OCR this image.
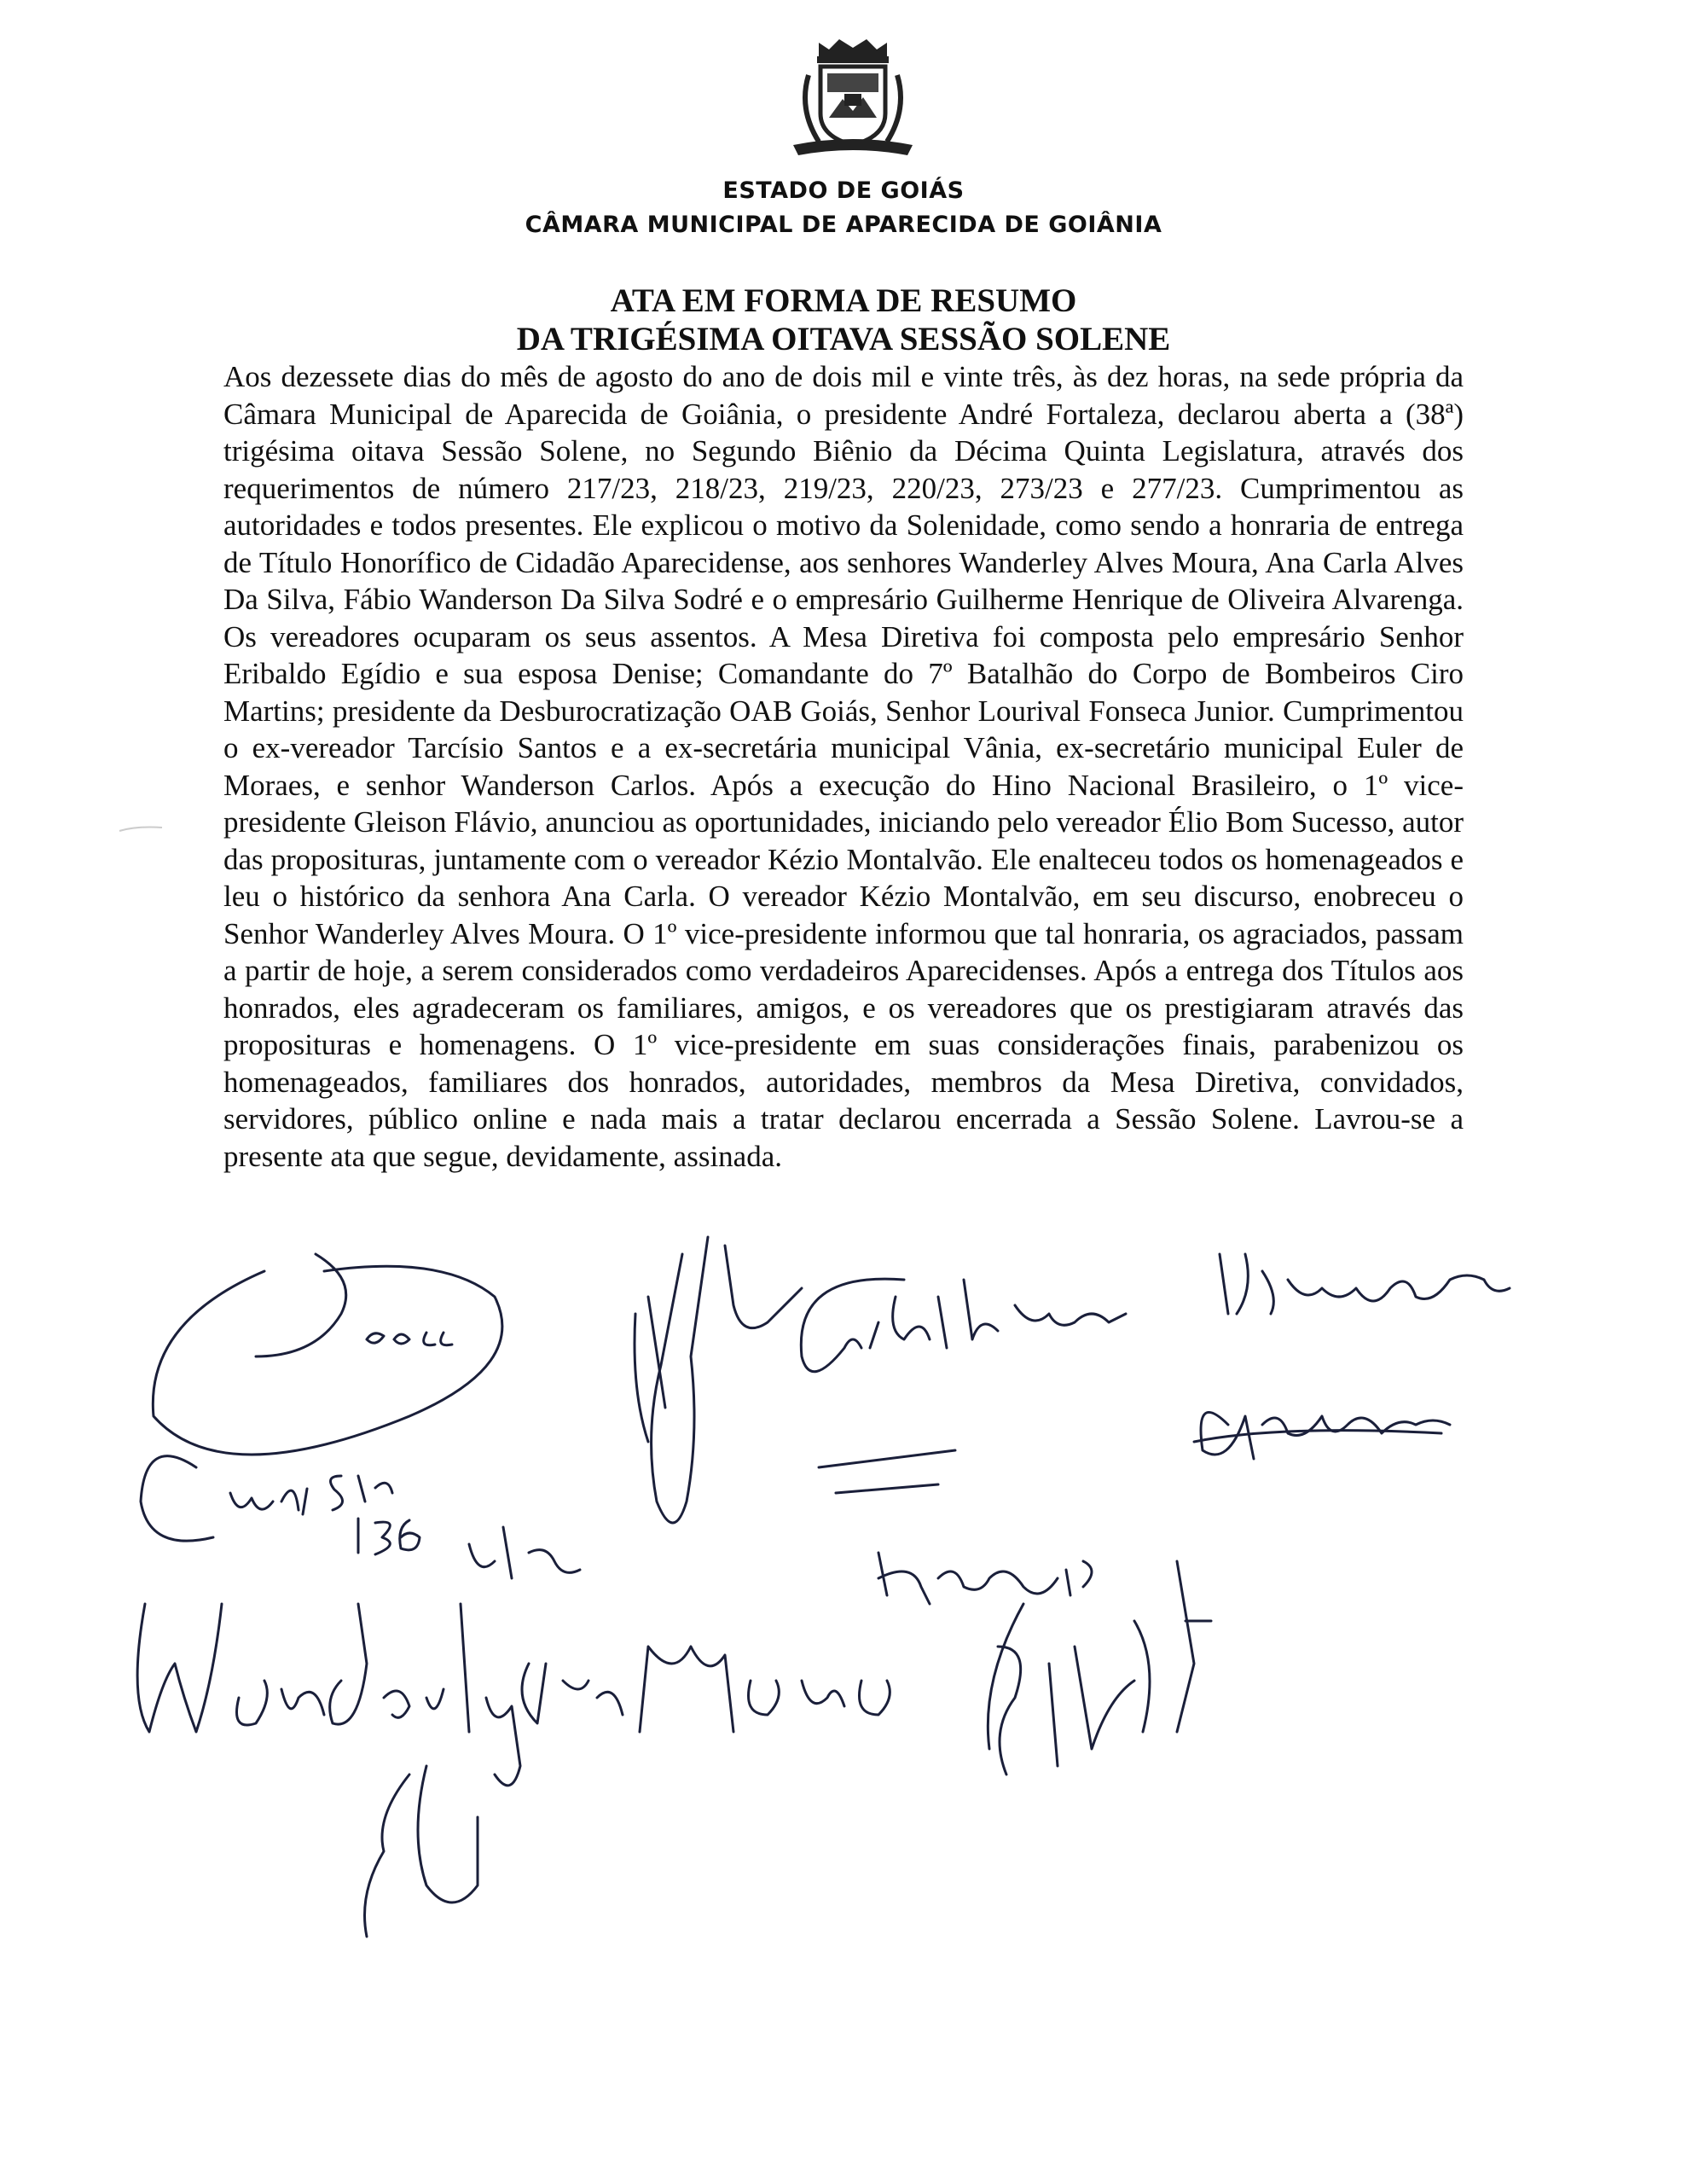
ESTADO DE GOIÁS
CÂMARA MUNICIPAL DE APARECIDA DE GOIÂNIA
ATA EM FORMA DE RESUMO
DA TRIGÉSIMA OITAVA SESSÃO SOLENE

Aos dezessete dias do mês de agosto do ano de dois mil e vinte três, às dez horas, na sede própria da Câmara Municipal de Aparecida de Goiânia, o presidente André Fortaleza, declarou aberta a (38ª) trigésima oitava Sessão Solene, no Segundo Biênio da Décima Quinta Legislatura, através dos requerimentos de número 217/23, 218/23, 219/23, 220/23, 273/23 e 277/23. Cumprimentou as autoridades e todos presentes. Ele explicou o motivo da Solenidade, como sendo a honraria de entrega de Título Honorífico de Cidadão Aparecidense, aos senhores Wanderley Alves Moura, Ana Carla Alves Da Silva, Fábio Wanderson Da Silva Sodré e o empresário Guilherme Henrique de Oliveira Alvarenga. Os vereadores ocuparam os seus assentos. A Mesa Diretiva foi composta pelo empresário Senhor Eribaldo Egídio e sua esposa Denise; Comandante do 7º Batalhão do Corpo de Bombeiros Ciro Martins; presidente da Desburocratização OAB Goiás, Senhor Lourival Fonseca Junior. Cumprimentou o ex-vereador Tarcísio Santos e a ex-secretária municipal Vânia, ex-secretário municipal Euler de Moraes, e senhor Wanderson Carlos. Após a execução do Hino Nacional Brasileiro, o 1º vice-presidente Gleison Flávio, anunciou as oportunidades, iniciando pelo vereador Élio Bom Sucesso, autor das proposituras, juntamente com o vereador Kézio Montalvão. Ele enalteceu todos os homenageados e leu o histórico da senhora Ana Carla. O vereador Kézio Montalvão, em seu discurso, enobreceu o Senhor Wanderley Alves Moura. O 1º vice-presidente informou que tal honraria, os agraciados, passam a partir de hoje, a serem considerados como verdadeiros Aparecidenses. Após a entrega dos Títulos aos honrados, eles agradeceram os familiares, amigos, e os vereadores que os prestigiaram através das proposituras e homenagens. O 1º vice-presidente em suas considerações finais, parabenizou os homenageados, familiares dos honrados, autoridades, membros da Mesa Diretiva, convidados, servidores, público online e nada mais a tratar declarou encerrada a Sessão Solene. Lavrou-se a presente ata que segue, devidamente, assinada.
